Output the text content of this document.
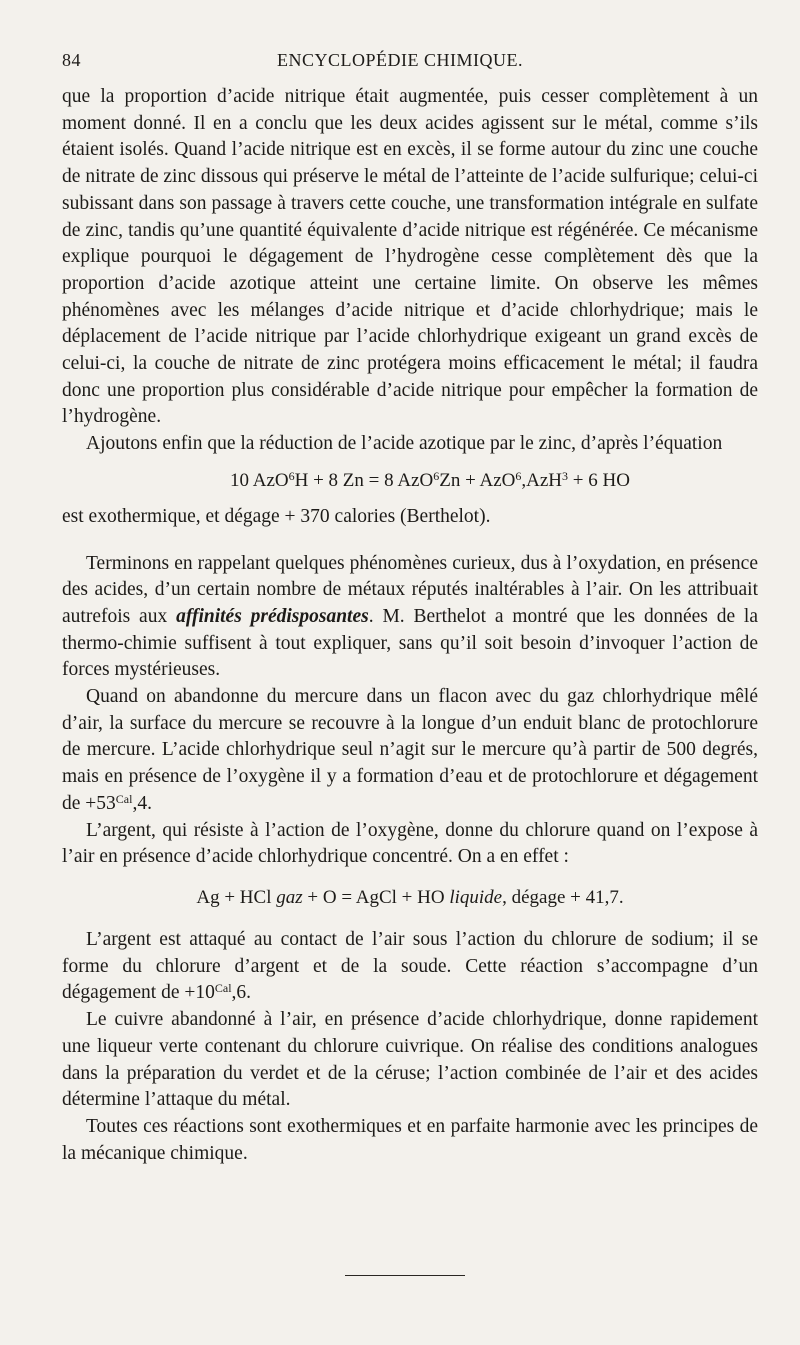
84	ENCYCLOPÉDIE CHIMIQUE.

que la proportion d’acide nitrique était augmentée, puis cesser complètement à un moment donné. Il en a conclu que les deux acides agissent sur le métal, comme s’ils étaient isolés. Quand l’acide nitrique est en excès, il se forme autour du zinc une couche de nitrate de zinc dissous qui préserve le métal de l’atteinte de l’acide sulfurique; celui-ci subissant dans son passage à travers cette couche, une transformation intégrale en sulfate de zinc, tandis qu’une quantité équivalente d’acide nitrique est régénérée. Ce mécanisme explique pourquoi le dégagement de l’hydrogène cesse complètement dès que la proportion d’acide azotique atteint une certaine limite. On observe les mêmes phénomènes avec les mélanges d’acide nitrique et d’acide chlorhydrique; mais le déplacement de l’acide nitrique par l’acide chlorhydrique exigeant un grand excès de celui-ci, la couche de nitrate de zinc protégera moins efficacement le métal; il faudra donc une proportion plus considérable d’acide nitrique pour empêcher la formation de l’hydrogène.

Ajoutons enfin que la réduction de l’acide azotique par le zinc, d’après l’équation

10 AzO$^6$H + 8 Zn = 8 AzO$^6$Zn + AzO$^6$,AzH$^3$ + 6 HO

est exothermique, et dégage + 370 calories (Berthelot).

Terminons en rappelant quelques phénomènes curieux, dus à l’oxydation, en présence des acides, d’un certain nombre de métaux réputés inaltérables à l’air. On les attribuait autrefois aux affinités prédisposantes. M. Berthelot a montré que les données de la thermo-chimie suffisent à tout expliquer, sans qu’il soit besoin d’invoquer l’action de forces mystérieuses.

Quand on abandonne du mercure dans un flacon avec du gaz chlorhydrique mêlé d’air, la surface du mercure se recouvre à la longue d’un enduit blanc de protochlorure de mercure. L’acide chlorhydrique seul n’agit sur le mercure qu’à partir de 500 degrés, mais en présence de l’oxygène il y a formation d’eau et de protochlorure et dégagement de $+53^{Cal},4$.

L’argent, qui résiste à l’action de l’oxygène, donne du chlorure quand on l’expose à l’air en présence d’acide chlorhydrique concentré. On a en effet :

Ag + HCl gaz + O = AgCl + HO liquide, dégage + 41,7.

L’argent est attaqué au contact de l’air sous l’action du chlorure de sodium; il se forme du chlorure d’argent et de la soude. Cette réaction s’accompagne d’un dégagement de $+10^{Cal},6$.

Le cuivre abandonné à l’air, en présence d’acide chlorhydrique, donne rapidement une liqueur verte contenant du chlorure cuivrique. On réalise des conditions analogues dans la préparation du verdet et de la céruse; l’action combinée de l’air et des acides détermine l’attaque du métal.

Toutes ces réactions sont exothermiques et en parfaite harmonie avec les principes de la mécanique chimique.
